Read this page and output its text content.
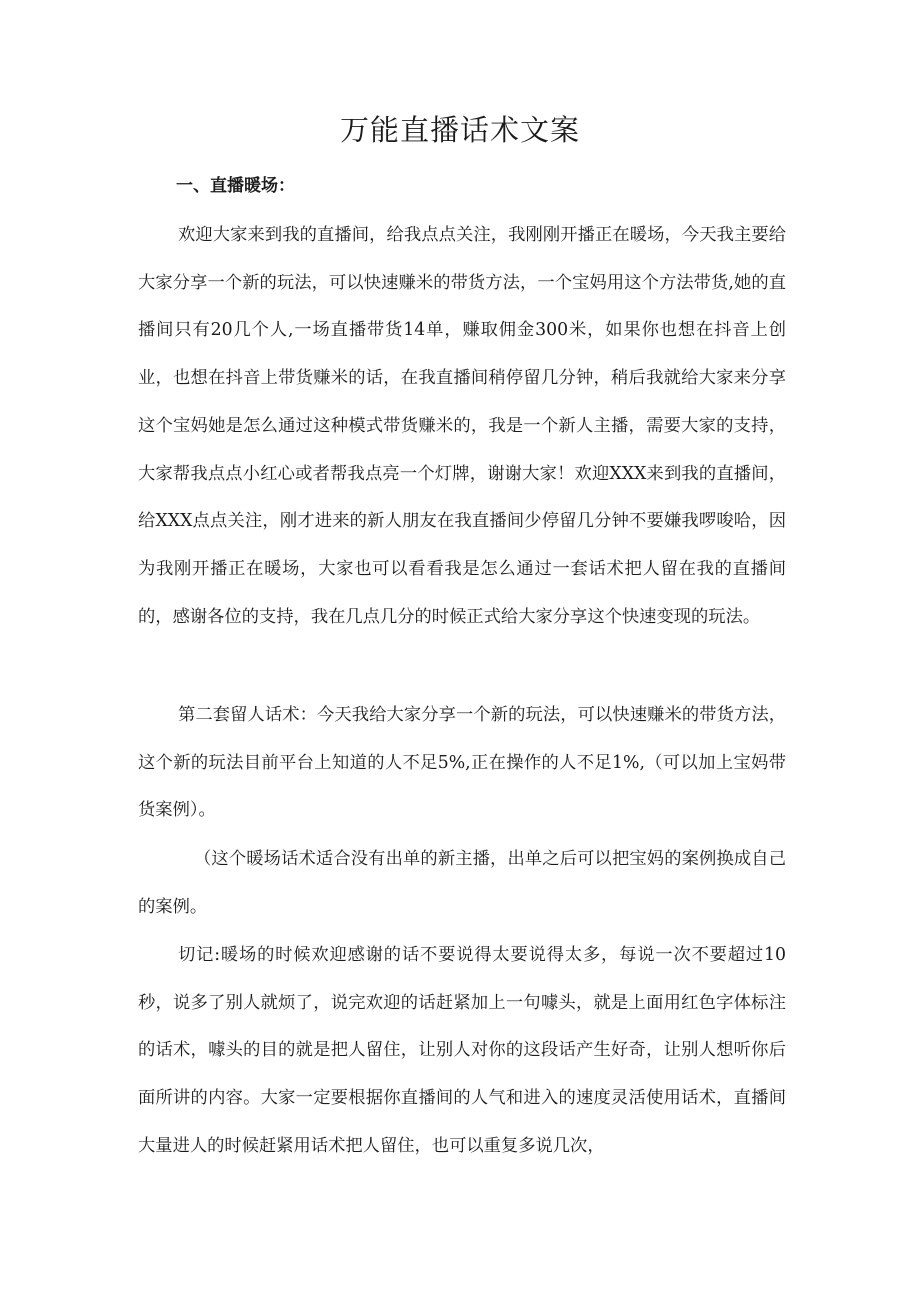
万能直播话术文案
一、直播暖场：

欢迎大家来到我的直播间，给我点点关注，我刚刚开播正在暖场，今天我主要给大家分享一个新的玩法，可以快速赚米的带货方法，一个宝妈用这个方法带货,她的直播间只有20几个人,一场直播带货14单，赚取佣金300米，如果你也想在抖音上创业，也想在抖音上带货赚米的话，在我直播间稍停留几分钟，稍后我就给大家来分享这个宝妈她是怎么通过这种模式带货赚米的，我是一个新人主播，需要大家的支持，大家帮我点点小红心或者帮我点亮一个灯牌，谢谢大家！欢迎XXX来到我的直播间，给XXX点点关注，刚才进来的新人朋友在我直播间少停留几分钟不要嫌我啰唆哈，因为我刚开播正在暖场，大家也可以看看我是怎么通过一套话术把人留在我的直播间的，感谢各位的支持，我在几点几分的时候正式给大家分享这个快速变现的玩法。

第二套留人话术：今天我给大家分享一个新的玩法，可以快速赚米的带货方法，这个新的玩法目前平台上知道的人不足5%,正在操作的人不足1%,（可以加上宝妈带货案例）。

（这个暖场话术适合没有出单的新主播，出单之后可以把宝妈的案例换成自己的案例。

切记:暖场的时候欢迎感谢的话不要说得太要说得太多，每说一次不要超过10秒，说多了别人就烦了，说完欢迎的话赶紧加上一句噱头，就是上面用红色字体标注的话术，噱头的目的就是把人留住，让别人对你的这段话产生好奇，让别人想听你后面所讲的内容。大家一定要根据你直播间的人气和进入的速度灵活使用话术，直播间大量进人的时候赶紧用话术把人留住，也可以重复多说几次，
